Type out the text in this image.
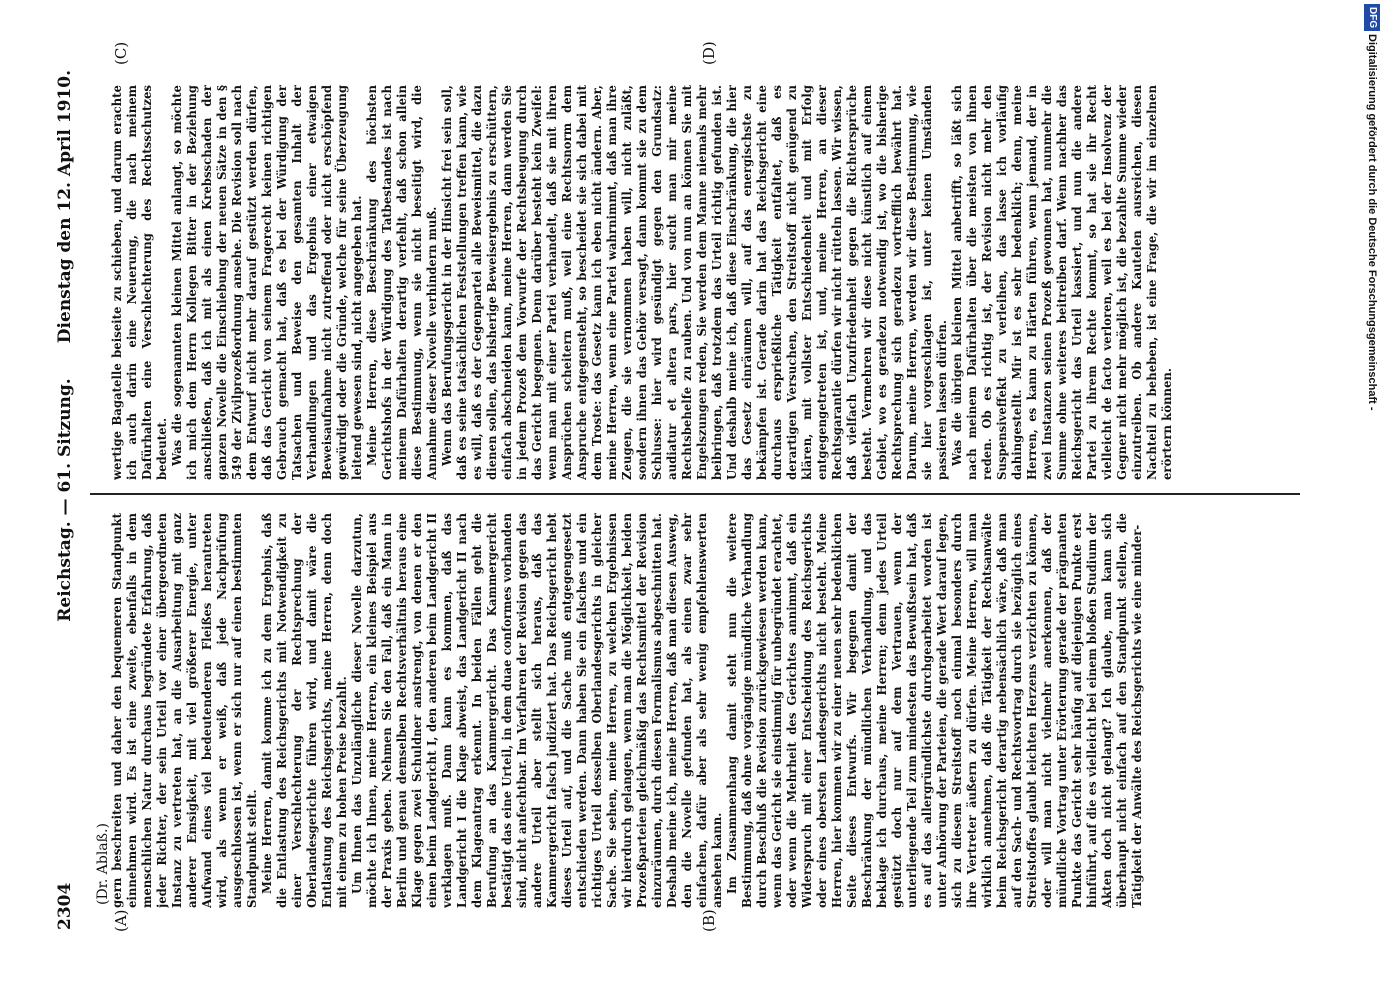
2304
Reichstag. — 61. Sitzung.
Dienstag den 12. April 1910.
(Dr. Ablaß.)
(A)	(B)
(C)	(D)

gern beschreiten und daher den bequemeren Standpunkt einnehmen wird. Es ist eine zweite, ebenfalls in dem menschlichen Natur durchaus begründete Erfahrung, daß jeder Richter, der sein Urteil vor einer übergeordneten Instanz zu vertreten hat, an die Ausarbeitung mit ganz anderer Emsigkeit, mit viel größerer Energie, unter Aufwand eines viel bedeutenderen Fleißes herantreten wird, als wenn er weiß, daß jede Nachprüfung ausgeschlossen ist, wenn er sich nur auf einen bestimmten Standpunkt stellt. Meine Herren, damit komme ich zu dem Ergebnis, daß die Entlastung des Reichsgerichts mit Notwendigkeit zu einer Verschlechterung der Rechtsprechung der Oberlandesgerichte führen wird, und damit wäre die Entlastung des Reichsgerichts, meine Herren, denn doch mit einem zu hohen Preise bezahlt. Um Ihnen das Unzulängliche dieser Novelle darzutun, möchte ich Ihnen, meine Herren, ein kleines Beispiel aus der Praxis geben. Nehmen Sie den Fall, daß ein Mann in Berlin und genau demselben Rechtsverhältnis heraus eine Klage gegen zwei Schuldner anstrengt, von denen er den einen beim Landgericht I, den anderen beim Landgericht II verklagen muß. Dann kann es kommen, daß das Landgericht I die Klage abweist, das Landgericht II nach dem Klageantrag erkennt. In beiden Fällen geht die Berufung an das Kammergericht. Das Kammergericht bestätigt das eine Urteil, in dem duae conformes vorhanden sind, nicht anfechtbar. Im Verfahren der Revision gegen das andere Urteil aber stellt sich heraus, daß das Kammergericht falsch judiziert hat. Das Reichsgericht hebt dieses Urteil auf, und die Sache muß entgegengesetzt entschieden werden. Dann haben Sie ein falsches und ein richtiges Urteil desselben Oberlandesgerichts in gleicher Sache. Sie sehen, meine Herren, zu welchen Ergebnissen wir hierdurch gelangen, wenn man die Möglichkeit, beiden Prozeßparteien gleichmäßig das Rechtsmittel der Revision einzuräumen, durch diesen Formalismus abgeschnitten hat. Deshalb meine ich, meine Herren, daß man diesen Ausweg, den die Novelle gefunden hat, als einen zwar sehr einfachen, dafür aber als sehr wenig empfehlenswerten ansehen kann. Im Zusammenhang damit steht nun die weitere Bestimmung, daß ohne vorgängige mündliche Verhandlung durch Beschluß die Revision zurückgewiesen werden kann, wenn das Gericht sie einstimmig für unbegründet erachtet, oder wenn die Mehrheit des Gerichtes annimmt, daß ein Widerspruch mit einer Entscheidung des Reichsgerichts oder eines obersten Landesgerichts nicht besteht. Meine Herren, hier kommen wir zu einer neuen sehr bedenklichen Seite dieses Entwurfs. Wir begegnen damit der Beschränkung der mündlichen Verhandlung, und das beklage ich durchaus, meine Herren; denn jedes Urteil gestützt doch nur auf dem Vertrauen, wenn der unterliegende Teil zum mindesten das Bewußtsein hat, daß es auf das allergründlichste durchgearbeitet worden ist unter Anhörung der Parteien, die gerade Wert darauf legen, sich zu diesem Streitstoff noch einmal besonders durch ihre Vertreter äußern zu dürfen. Meine Herren, will man wirklich annehmen, daß die Tätigkeit der Rechtsanwälte beim Reichsgericht derartig nebensächlich wäre, daß man auf den Sach- und Rechtsvortrag durch sie bezüglich eines Streitstoffes glaubt leichten Herzens verzichten zu können, oder will man nicht vielmehr anerkennen, daß der mündliche Vortrag unter Erörterung gerade der prägnanten Punkte das Gericht sehr häufig auf diejenigen Punkte erst hinführt, auf die es vielleicht bei einem bloßen Studium der Akten doch nicht gelangt? Ich glaube, man kann sich überhaupt nicht einfach auf den Standpunkt stellen, die Tätigkeit der Anwälte des Reichsgerichts wie eine minder-

wertige Bagatelle beiseite zu schieben, und darum erachte ich auch darin eine Neuerung, die nach meinem Dafürhalten eine Verschlechterung des Rechtsschutzes bedeutet. Was die sogenannten kleinen Mittel anlangt, so möchte ich mich dem Herrn Kollegen Bitter in der Beziehung anschließen, daß ich mit als einen Krebsschaden der ganzen Novelle die Einschiebung der neuen Sätze in den § 549 der Zivilprozeßordnung ansehe. Die Revision soll nach dem Entwurf nicht mehr darauf gestützt werden dürfen, daß das Gericht von seinem Fragerecht keinen richtigen Gebrauch gemacht hat, daß es bei der Würdigung der Tatsachen und Beweise den gesamten Inhalt der Verhandlungen und das Ergebnis einer etwaigen Beweisaufnahme nicht zutreffend oder nicht erschöpfend gewürdigt oder die Gründe, welche für seine Überzeugung leitend gewesen sind, nicht angegeben hat. Meine Herren, diese Beschränkung des höchsten Gerichtshofs in der Würdigung des Tatbestandes ist nach meinem Dafürhalten derartig verfehlt, daß schon allein diese Bestimmung, wenn sie nicht beseitigt wird, die Annahme dieser Novelle verhindern muß. Wenn das Berufungsgericht in der Hinsicht frei sein soll, daß es seine tatsächlichen Feststellungen treffen kann, wie es will, daß es der Gegenpartei alle Beweismittel, die dazu dienen sollen, das bisherige Beweisergebnis zu erschüttern, einfach abschneiden kann, meine Herren, dann werden Sie in jedem Prozeß dem Vorwurfe der Rechtsbeugung durch das Gericht begegnen. Denn darüber besteht kein Zweifel: wenn man mit einer Partei verhandelt, daß sie mit ihren Ansprüchen scheitern muß, weil eine Rechtsnorm dem Anspruche entgegensteht, so bescheidet sie sich dabei mit dem Troste: das Gesetz kann ich eben nicht ändern. Aber, meine Herren, wenn eine Partei wahrnimmt, daß man ihre Zeugen, die sie vernommen haben will, nicht zuläßt, sondern ihnen das Gehör versagt, dann kommt sie zu dem Schlusse: hier wird gesündigt gegen den Grundsatz: audiatur et altera pars, hier sucht man mir meine Rechtsbehelfe zu rauben. Und von nun an können Sie mit Engelszungen reden, Sie werden dem Manne niemals mehr beibringen, daß trotzdem das Urteil richtig gefunden ist. Und deshalb meine ich, daß diese Einschränkung, die hier das Gesetz einräumen will, auf das energischste zu bekämpfen ist. Gerade darin hat das Reichsgericht eine durchaus ersprießliche Tätigkeit entfaltet, daß es derartigen Versuchen, den Streitstoff nicht genügend zu klären, mit vollster Entschiedenheit und mit Erfolg entgegengetreten ist, und, meine Herren, an dieser Rechtsgarantie dürfen wir nicht rütteln lassen. Wir wissen, daß vielfach Unzufriedenheit gegen die Richtersprüche besteht. Vermehren wir diese nicht künstlich auf einem Gebiet, wo es geradezu notwendig ist, wo die bisherige Rechtsprechung sich geradezu vortrefflich bewährt hat. Darum, meine Herren, werden wir diese Bestimmung, wie sie hier vorgeschlagen ist, unter keinen Umständen passieren lassen dürfen. Was die übrigen kleinen Mittel anbetrifft, so läßt sich nach meinem Dafürhalten über die meisten von ihnen reden. Ob es richtig ist, der Revision nicht mehr den Suspensiveffekt zu verleihen, das lasse ich vorläufig dahingestellt. Mir ist es sehr bedenklich; denn, meine Herren, es kann zu Härten führen, wenn jemand, der in zwei Instanzen seinen Prozeß gewonnen hat, nunmehr die Summe ohne weiteres beitreiben darf. Wenn nachher das Reichsgericht das Urteil kassiert, und nun die andere Partei zu ihrem Rechte kommt, so hat sie ihr Recht vielleicht de facto verloren, weil es bei der Insolvenz der Gegner nicht mehr möglich ist, die bezahlte Summe wieder einzutreiben. Ob andere Kautelen ausreichen, diesen Nachteil zu beheben, ist eine Frage, die wir im einzelnen erörtern können.

DFG
Digitalisierung gefördert durch die Deutsche Forschungsgemeinschaft -
